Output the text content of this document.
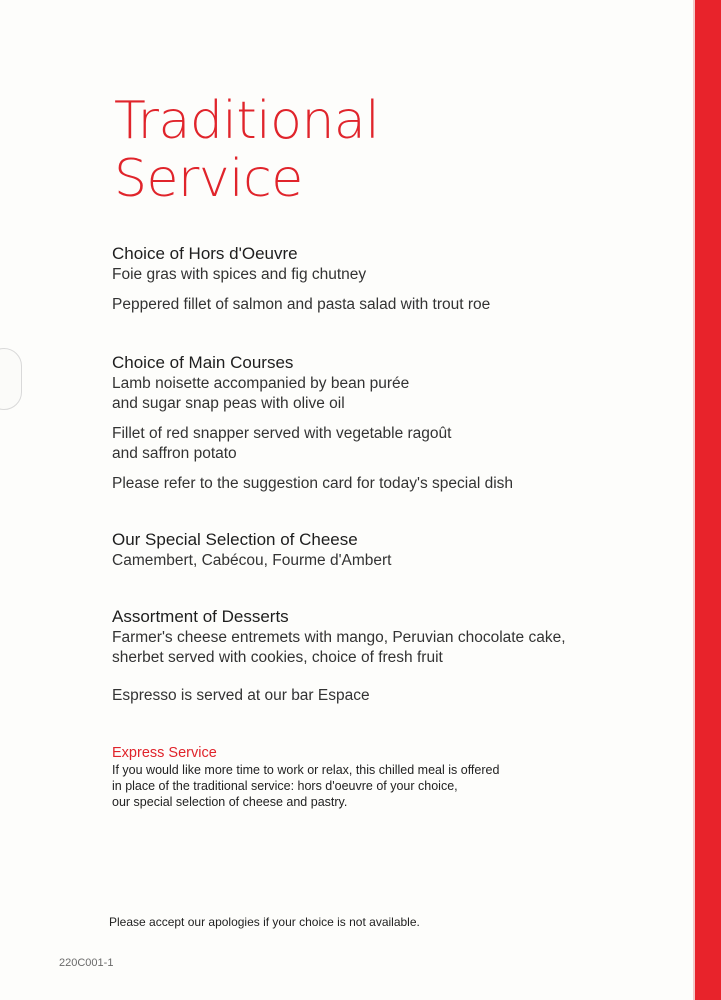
Traditional
Service

Choice of Hors d'Oeuvre

Foie gras with spices and fig chutney

Peppered fillet of salmon and pasta salad with trout roe

Choice of Main Courses

Lamb noisette accompanied by bean purée

and sugar snap peas with olive oil

Fillet of red snapper served with vegetable ragoût

and saffron potato

Please refer to the suggestion card for today's special dish

Our Special Selection of Cheese

Camembert, Cabécou, Fourme d'Ambert

Assortment of Desserts

Farmer's cheese entremets with mango, Peruvian chocolate cake,

sherbet served with cookies, choice of fresh fruit

Espresso is served at our bar Espace

Express Service

If you would like more time to work or relax, this chilled meal is offered

in place of the traditional service: hors d'oeuvre of your choice,

our special selection of cheese and pastry.

Please accept our apologies if your choice is not available.
220C001-1
